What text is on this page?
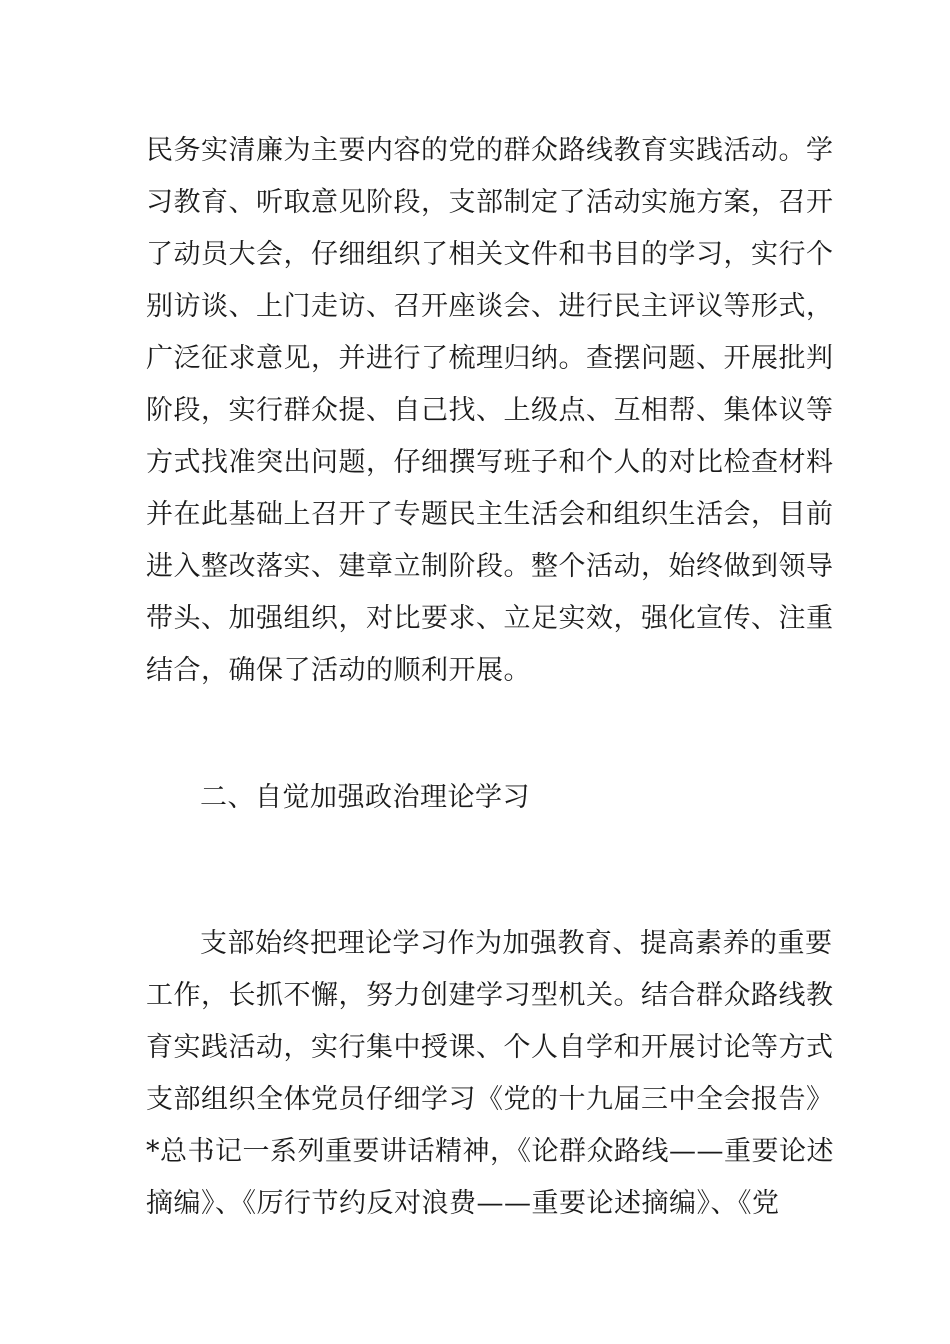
民务实清廉为主要内容的党的群众路线教育实践活动。学
习教育、听取意见阶段，支部制定了活动实施方案，召开
了动员大会，仔细组织了相关文件和书目的学习，实行个
别访谈、上门走访、召开座谈会、进行民主评议等形式，
广泛征求意见，并进行了梳理归纳。查摆问题、开展批判
阶段，实行群众提、自己找、上级点、互相帮、集体议等
方式找准突出问题，仔细撰写班子和个人的对比检查材料
并在此基础上召开了专题民主生活会和组织生活会，目前
进入整改落实、建章立制阶段。整个活动，始终做到领导
带头、加强组织，对比要求、立足实效，强化宣传、注重
结合，确保了活动的顺利开展。
二、自觉加强政治理论学习
支部始终把理论学习作为加强教育、提高素养的重要
工作，长抓不懈，努力创建学习型机关。结合群众路线教
育实践活动，实行集中授课、个人自学和开展讨论等方式
支部组织全体党员仔细学习《党的十九届三中全会报告》
*总书记一系列重要讲话精神，《论群众路线——重要论述
摘编》、《厉行节约反对浪费——重要论述摘编》、《党
